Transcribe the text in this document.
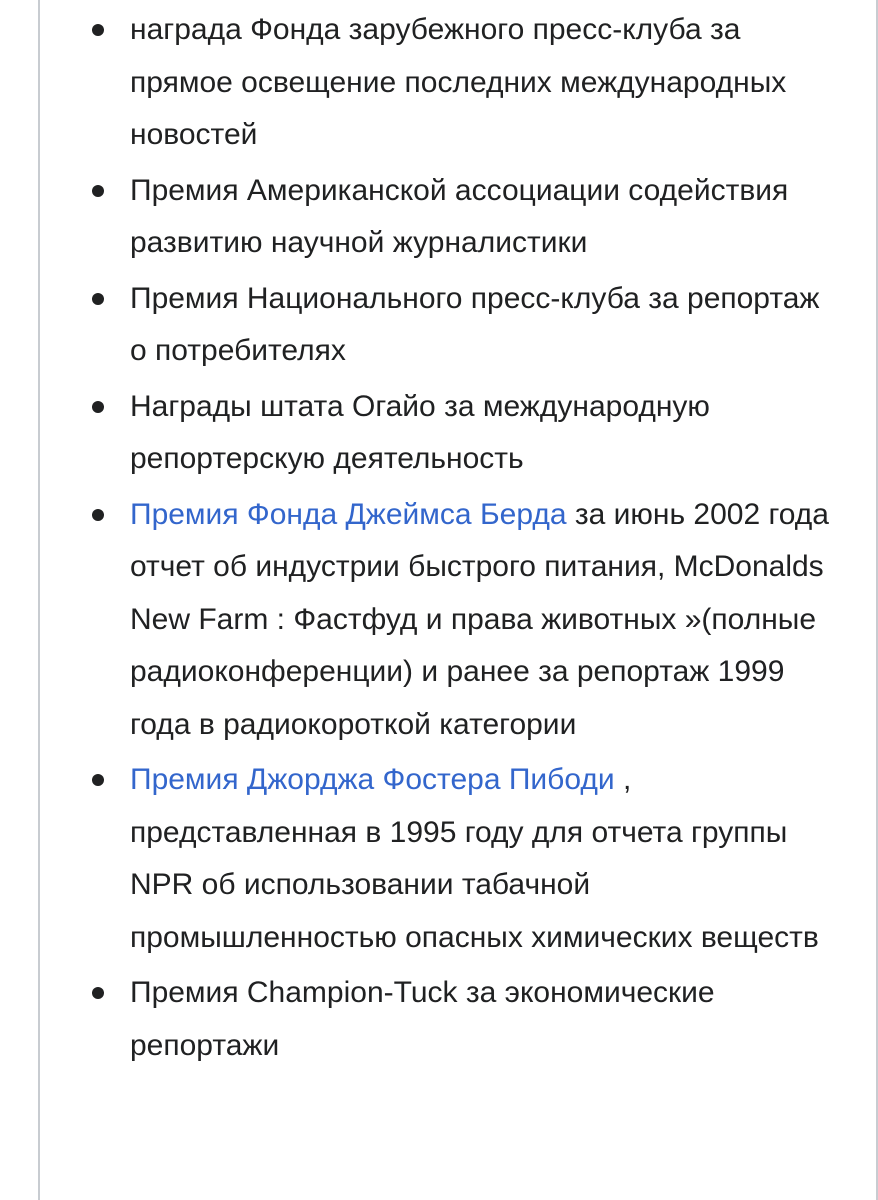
награда Фонда зарубежного пресс-клуба за прямое освещение последних международных новостей
Премия Американской ассоциации содействия развитию научной журналистики
Премия Национального пресс-клуба за репортаж о потребителях
Награды штата Огайо за международную репортерскую деятельность
Премия Фонда Джеймса Берда за июнь 2002 года отчет об индустрии быстрого питания, McDonalds New Farm : Фастфуд и права животных »(полные радиоконференции) и ранее за репортаж 1999 года в радиокороткой категории
Премия Джорджа Фостера Пибоди , представленная в 1995 году для отчета группы NPR об использовании табачной промышленностью опасных химических веществ
Премия Champion-Tuck за экономические репортажи
